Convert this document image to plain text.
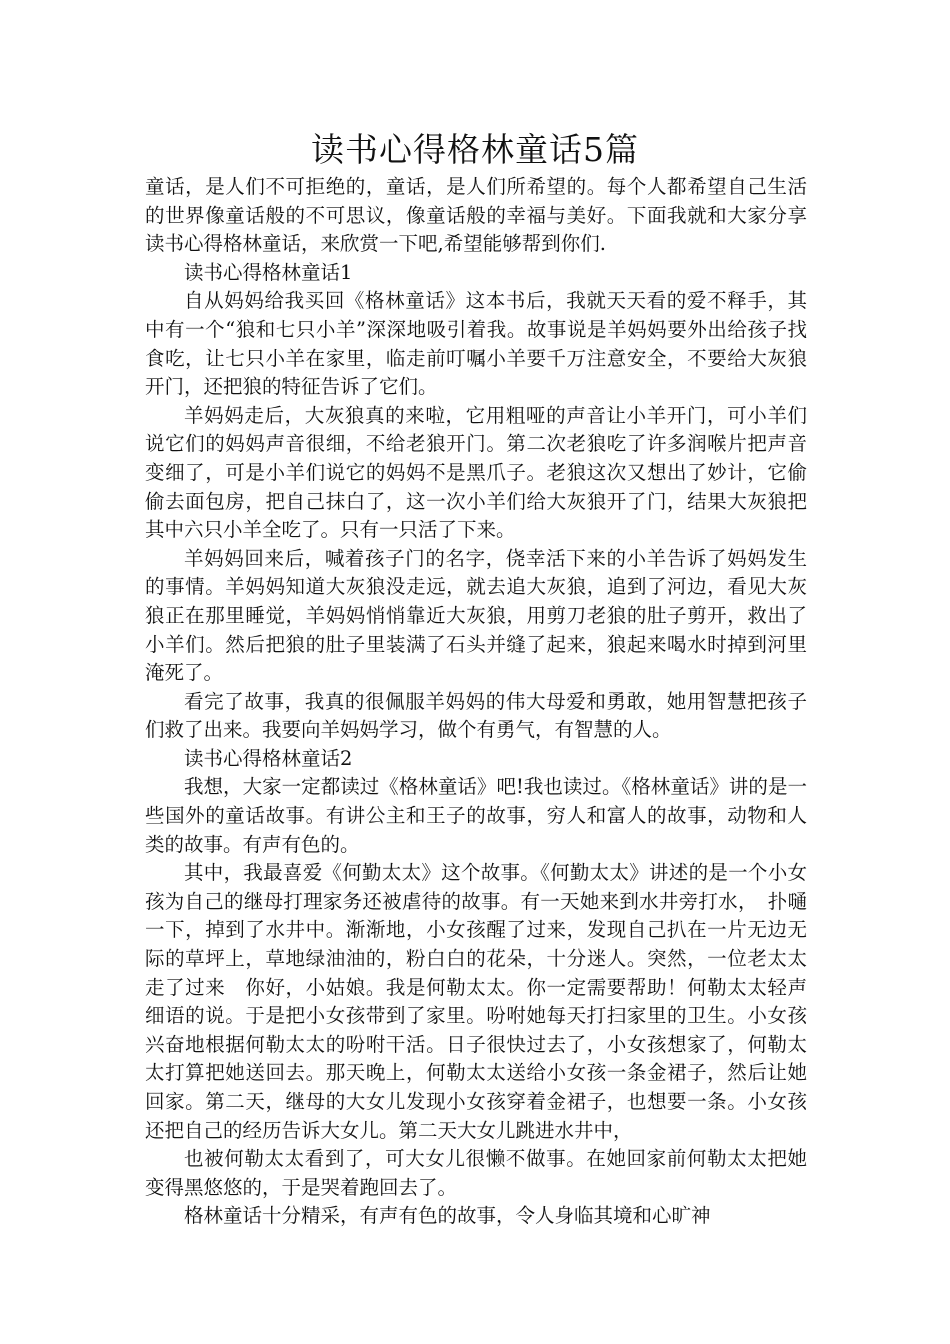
读书心得格林童话5篇

童话，是人们不可拒绝的，童话，是人们所希望的。每个人都希望自己生活的世界像童话般的不可思议，像童话般的幸福与美好。下面我就和大家分享读书心得格林童话，来欣赏一下吧,希望能够帮到你们.

读书心得格林童话1

自从妈妈给我买回《格林童话》这本书后，我就天天看的爱不释手，其中有一个“狼和七只小羊”深深地吸引着我。故事说是羊妈妈要外出给孩子找食吃，让七只小羊在家里，临走前叮嘱小羊要千万注意安全，不要给大灰狼开门，还把狼的特征告诉了它们。

羊妈妈走后，大灰狼真的来啦，它用粗哑的声音让小羊开门，可小羊们说它们的妈妈声音很细，不给老狼开门。第二次老狼吃了许多润喉片把声音变细了，可是小羊们说它的妈妈不是黑爪子。老狼这次又想出了妙计，它偷偷去面包房，把自己抹白了，这一次小羊们给大灰狼开了门，结果大灰狼把其中六只小羊全吃了。只有一只活了下来。

羊妈妈回来后，喊着孩子门的名字，侥幸活下来的小羊告诉了妈妈发生的事情。羊妈妈知道大灰狼没走远，就去追大灰狼，追到了河边，看见大灰狼正在那里睡觉，羊妈妈悄悄靠近大灰狼，用剪刀老狼的肚子剪开，救出了小羊们。然后把狼的肚子里装满了石头并缝了起来，狼起来喝水时掉到河里淹死了。

看完了故事，我真的很佩服羊妈妈的伟大母爱和勇敢，她用智慧把孩子们救了出来。我要向羊妈妈学习，做个有勇气，有智慧的人。

读书心得格林童话2

我想，大家一定都读过《格林童话》吧!我也读过。《格林童话》讲的是一些国外的童话故事。有讲公主和王子的故事，穷人和富人的故事，动物和人类的故事。有声有色的。

其中，我最喜爱《何勤太太》这个故事。《何勤太太》讲述的是一个小女孩为自己的继母打理家务还被虐待的故事。有一天她来到水井旁打水，　扑嗵　一下，掉到了水井中。渐渐地，小女孩醒了过来，发现自己扒在一片无边无际的草坪上，草地绿油油的，粉白白的花朵，十分迷人。突然，一位老太太走了过来　你好，小姑娘。我是何勒太太。你一定需要帮助！何勒太太轻声细语的说。于是把小女孩带到了家里。吩咐她每天打扫家里的卫生。小女孩兴奋地根据何勒太太的吩咐干活。日子很快过去了，小女孩想家了，何勒太太打算把她送回去。那天晚上，何勒太太送给小女孩一条金裙子，然后让她回家。第二天，继母的大女儿发现小女孩穿着金裙子，也想要一条。小女孩还把自己的经历告诉大女儿。第二天大女儿跳进水井中，

也被何勒太太看到了，可大女儿很懒不做事。在她回家前何勒太太把她变得黑悠悠的，于是哭着跑回去了。

格林童话十分精采，有声有色的故事，令人身临其境和心旷神
